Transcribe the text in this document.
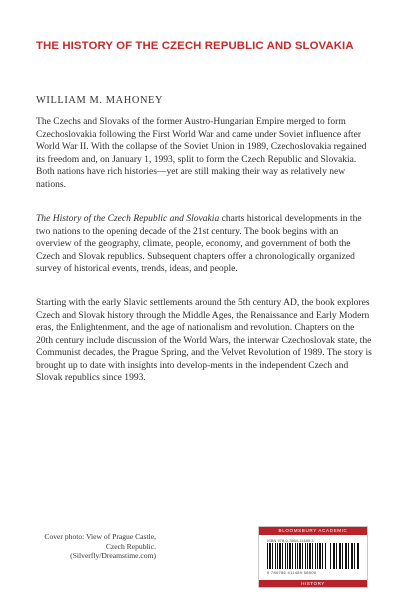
THE HISTORY OF THE CZECH REPUBLIC AND SLOVAKIA
WILLIAM M. MAHONEY

The Czechs and Slovaks of the former Austro-Hungarian Empire merged to form Czechoslovakia following the First World War and came under Soviet influence after World War II. With the collapse of the Soviet Union in 1989, Czechoslovakia regained its freedom and, on January 1, 1993, split to form the Czech Republic and Slovakia. Both nations have rich histories—yet are still making their way as relatively new nations.

The History of the Czech Republic and Slovakia charts historical developments in the two nations to the opening decade of the 21st century. The book begins with an overview of the geography, climate, people, economy, and government of both the Czech and Slovak republics. Subsequent chapters offer a chronologically organized survey of historical events, trends, ideas, and people.

Starting with the early Slavic settlements around the 5th century AD, the book explores Czech and Slovak history through the Middle Ages, the Renaissance and Early Modern eras, the Enlightenment, and the age of nationalism and revolution. Chapters on the 20th century include discussion of the World Wars, the interwar Czechoslovak state, the Communist decades, the Prague Spring, and the Velvet Revolution of 1989. The story is brought up to date with insights into develop-ments in the independent Czech and Slovak republics since 1993.

Cover photo: View of Prague Castle, Czech Republic. (Silverfly/Dreamstime.com)
BLOOMSBURY ACADEMIC
ISBN 978-0-7864-11489-3
9 780786 411489 58500
HISTORY
